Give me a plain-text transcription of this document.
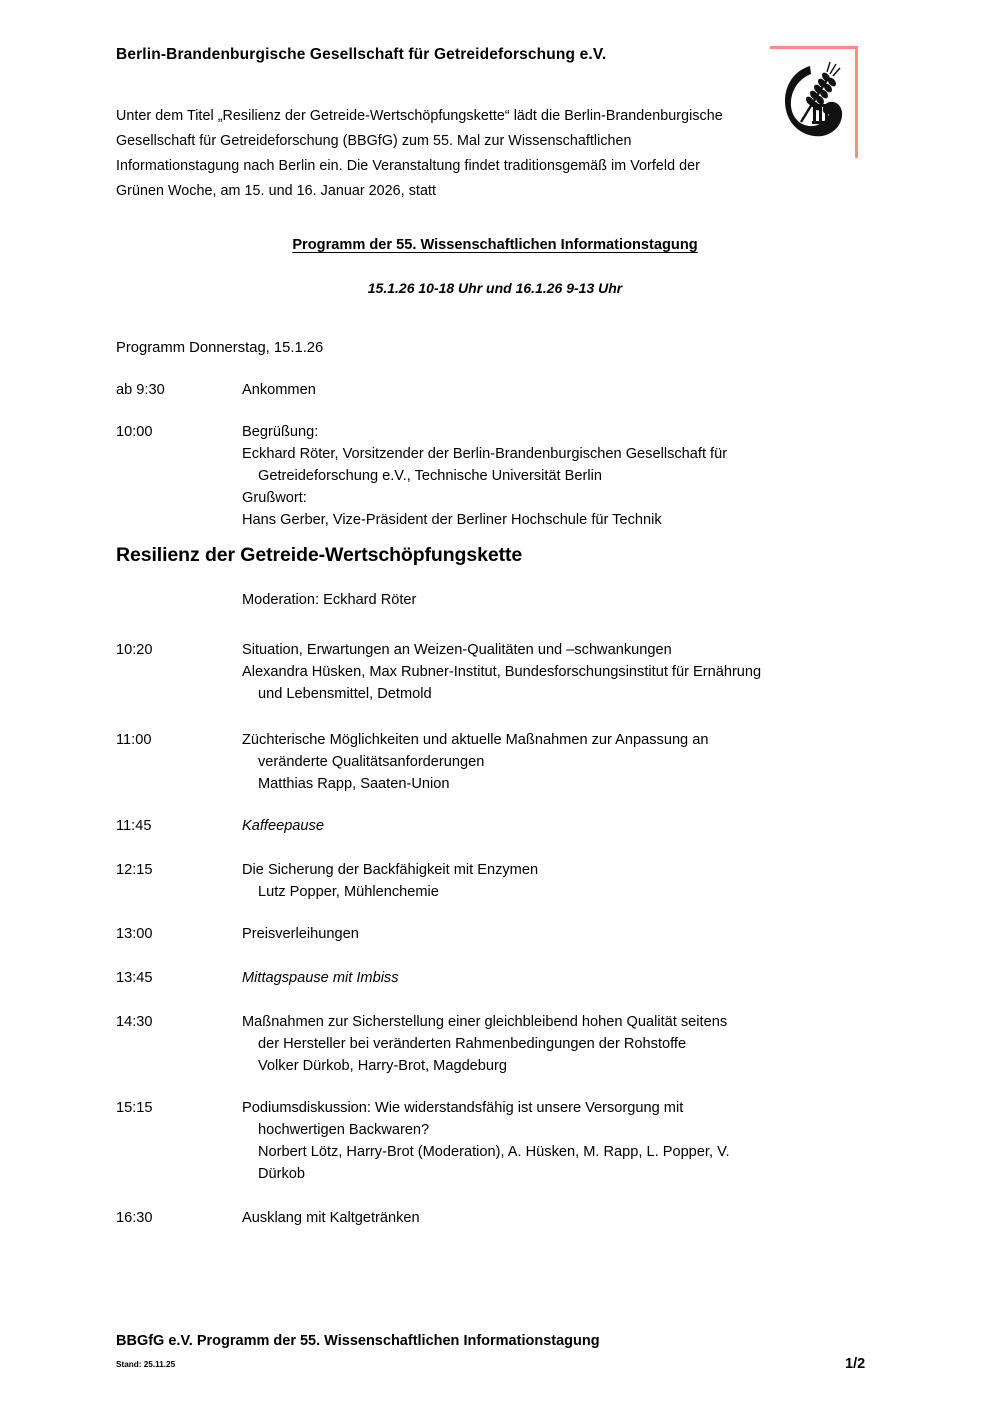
Berlin-Brandenburgische Gesellschaft für Getreideforschung e.V.
Unter dem Titel „Resilienz der Getreide-Wertschöpfungskette“ lädt die Berlin-Brandenburgische Gesellschaft für Getreideforschung (BBGfG) zum 55. Mal zur Wissenschaftlichen Informationstagung nach Berlin ein. Die Veranstaltung findet traditionsgemäß im Vorfeld der Grünen Woche, am 15. und 16. Januar 2026, statt
Programm der 55. Wissenschaftlichen Informationstagung
15.1.26 10-18 Uhr und 16.1.26 9-13 Uhr
Programm Donnerstag, 15.1.26
Resilienz der Getreide-Wertschöpfungskette
Moderation: Eckhard Röter
ab 9:30	Ankommen
10:00	Begrüßung:
Eckhard Röter, Vorsitzender der Berlin-Brandenburgischen Gesellschaft für
Getreideforschung e.V., Technische Universität Berlin
Grußwort:
Hans Gerber, Vize-Präsident der Berliner Hochschule für Technik
10:20	Situation, Erwartungen an Weizen-Qualitäten und –schwankungen
Alexandra Hüsken, Max Rubner-Institut, Bundesforschungsinstitut für Ernährung
und Lebensmittel, Detmold
11:00	Züchterische Möglichkeiten und aktuelle Maßnahmen zur Anpassung an
veränderte Qualitätsanforderungen
Matthias Rapp, Saaten-Union
11:45	Kaffeepause
12:15	Die Sicherung der Backfähigkeit mit Enzymen
Lutz Popper, Mühlenchemie
13:00	Preisverleihungen
13:45	Mittagspause mit Imbiss
14:30	Maßnahmen zur Sicherstellung einer gleichbleibend hohen Qualität seitens
der Hersteller bei veränderten Rahmenbedingungen der Rohstoffe
Volker Dürkob, Harry-Brot, Magdeburg
15:15	Podiumsdiskussion: Wie widerstandsfähig ist unsere Versorgung mit
hochwertigen Backwaren?
Norbert Lötz, Harry-Brot (Moderation), A. Hüsken, M. Rapp, L. Popper, V.
Dürkob
16:30	Ausklang mit Kaltgetränken
BBGfG e.V. Programm der 55. Wissenschaftlichen Informationstagung
Stand: 25.11.25	1/2
